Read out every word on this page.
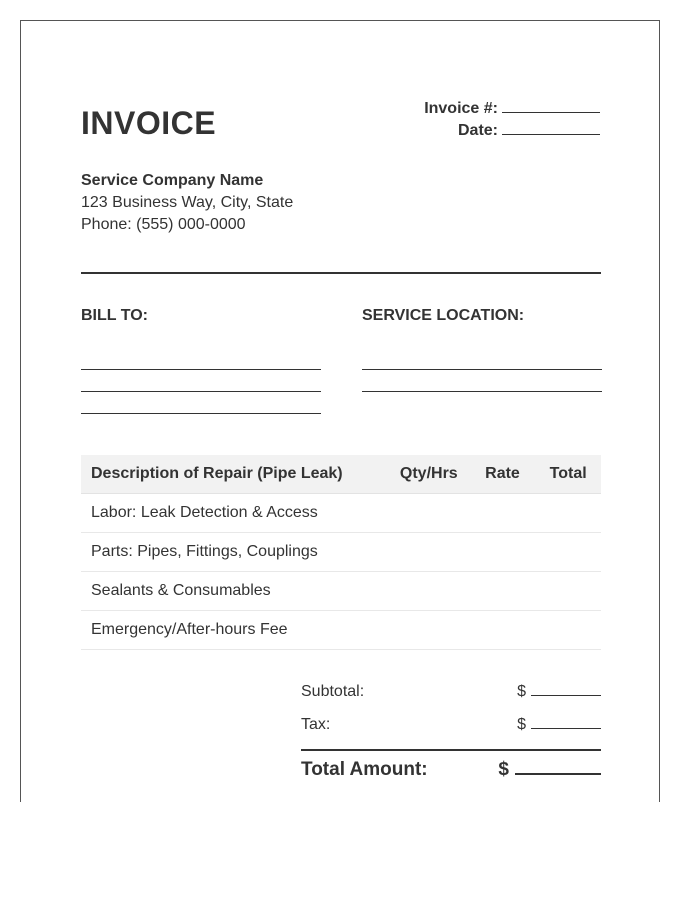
INVOICE	Invoice #:
Date:
Service Company Name
123 Business Way, City, State
Phone: (555) 000-0000
BILL TO:	SERVICE LOCATION:
Description of Repair (Pipe Leak)	Qty/Hrs	Rate	Total
Labor: Leak Detection & Access			
Parts: Pipes, Fittings, Couplings			
Sealants & Consumables			
Emergency/After-hours Fee			
Subtotal:	$
Tax:	$
Total Amount:	$
